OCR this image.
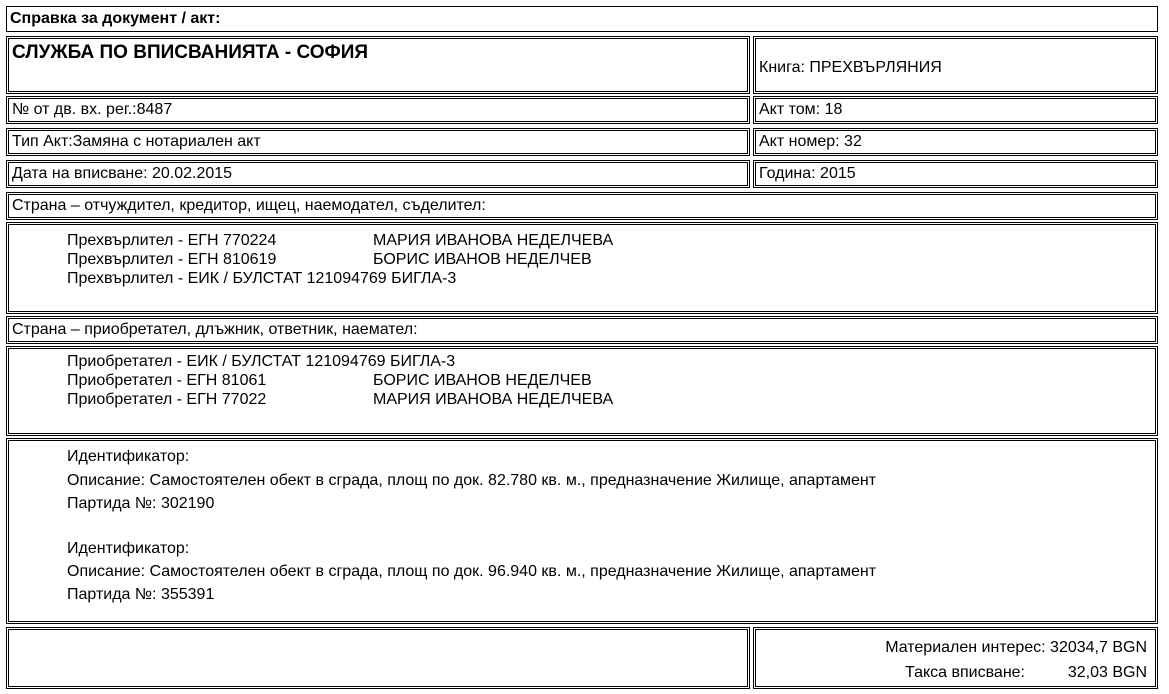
Справка за документ / акт:
СЛУЖБА ПО ВПИСВАНИЯТА - СОФИЯ
Книга: ПРЕХВЪРЛЯНИЯ
№ от дв. вх. рег.:8487	Акт том: 18
Тип Акт:Замяна с нотариален акт	Акт номер: 32
Дата на вписване: 20.02.2015	Година: 2015
Страна – отчуждител, кредитор, ищец, наемодател, съделител:
Прехвърлител - ЕГН 770224	МАРИЯ ИВАНОВА НЕДЕЛЧЕВА
Прехвърлител - ЕГН 810619	БОРИС ИВАНОВ НЕДЕЛЧЕВ
Прехвърлител - ЕИК / БУЛСТАТ 121094769 БИГЛА-3
Страна – приобретател, длъжник, ответник, наемател:
Приобретател - ЕИК / БУЛСТАТ 121094769 БИГЛА-3
Приобретател - ЕГН 81061	БОРИС ИВАНОВ НЕДЕЛЧЕВ
Приобретател - ЕГН 77022	МАРИЯ ИВАНОВА НЕДЕЛЧЕВА
Идентификатор:
Описание: Самостоятелен обект в сграда, площ по док. 82.780 кв. м., предназначение Жилище, апартамент
Партида №: 302190
Идентификатор:
Описание: Самостоятелен обект в сграда, площ по док. 96.940 кв. м., предназначение Жилище, апартамент
Партида №: 355391
Материален интерес: 32034,7 BGN
Такса вписване:	32,03 BGN
